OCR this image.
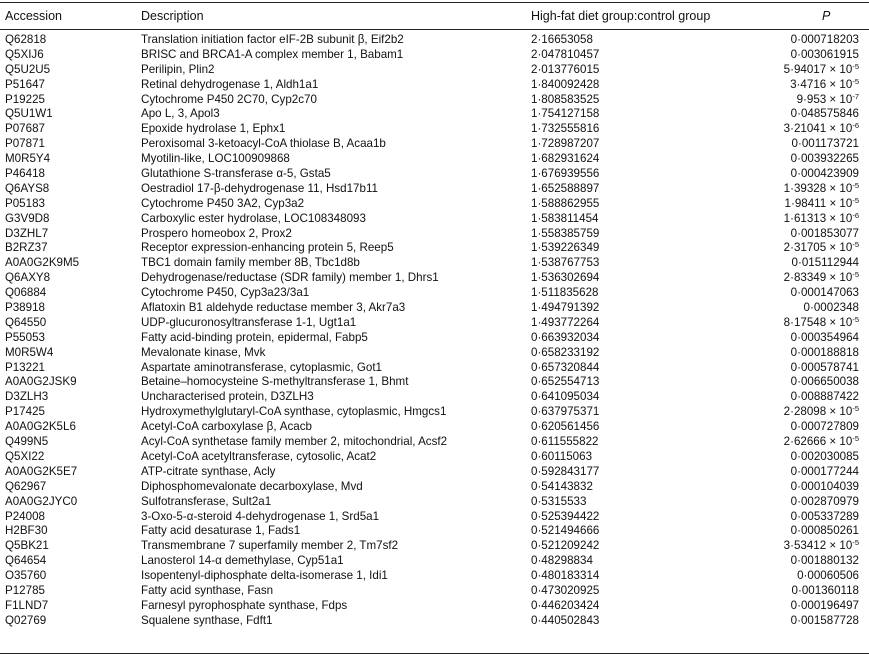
Accession	Description	High-fat diet group:control group	P
Q62818	Translation initiation factor eIF-2B subunit β, Eif2b2	2·16653058	0·000718203
Q5XIJ6	BRISC and BRCA1-A complex member 1, Babam1	2·047810457	0·003061915
Q5U2U5	Perilipin, Plin2	2·013776015	$5\cdot 94017 \times 10^{-5}$
P51647	Retinal dehydrogenase 1, Aldh1a1	1·840092428	$3\cdot 4716 \times 10^{-5}$
P19225	Cytochrome P450 2C70, Cyp2c70	1·808583525	$9\cdot 953 \times 10^{-7}$
Q5U1W1	Apo L, 3, Apol3	1·754127158	0·048575846
P07687	Epoxide hydrolase 1, Ephx1	1·732555816	$3\cdot 21041 \times 10^{-6}$
P07871	Peroxisomal 3-ketoacyl-CoA thiolase B, Acaa1b	1·728987207	0·001173721
M0R5Y4	Myotilin-like, LOC100909868	1·682931624	0·003932265
P46418	Glutathione S-transferase α-5, Gsta5	1·676939556	0·000423909
Q6AYS8	Oestradiol 17-β-dehydrogenase 11, Hsd17b11	1·652588897	$1\cdot 39328 \times 10^{-5}$
P05183	Cytochrome P450 3A2, Cyp3a2	1·588862955	$1\cdot 98411 \times 10^{-5}$
G3V9D8	Carboxylic ester hydrolase, LOC108348093	1·583811454	$1\cdot 61313 \times 10^{-6}$
D3ZHL7	Prospero homeobox 2, Prox2	1·558385759	0·001853077
B2RZ37	Receptor expression-enhancing protein 5, Reep5	1·539226349	$2\cdot 31705 \times 10^{-5}$
A0A0G2K9M5	TBC1 domain family member 8B, Tbc1d8b	1·538767753	0·015112944
Q6AXY8	Dehydrogenase/reductase (SDR family) member 1, Dhrs1	1·536302694	$2\cdot 83349 \times 10^{-5}$
Q06884	Cytochrome P450, Cyp3a23/3a1	1·511835628	0·000147063
P38918	Aflatoxin B1 aldehyde reductase member 3, Akr7a3	1·494791392	0·0002348
Q64550	UDP-glucuronosyltransferase 1-1, Ugt1a1	1·493772264	$8\cdot 17548 \times 10^{-5}$
P55053	Fatty acid-binding protein, epidermal, Fabp5	0·663932034	0·000354964
M0R5W4	Mevalonate kinase, Mvk	0·658233192	0·000188818
P13221	Aspartate aminotransferase, cytoplasmic, Got1	0·657320844	0·000578741
A0A0G2JSK9	Betaine–homocysteine S-methyltransferase 1, Bhmt	0·652554713	0·006650038
D3ZLH3	Uncharacterised protein, D3ZLH3	0·641095034	0·008887422
P17425	Hydroxymethylglutaryl-CoA synthase, cytoplasmic, Hmgcs1	0·637975371	$2\cdot 28098 \times 10^{-5}$
A0A0G2K5L6	Acetyl-CoA carboxylase β, Acacb	0·620561456	0·000727809
Q499N5	Acyl-CoA synthetase family member 2, mitochondrial, Acsf2	0·611555822	$2\cdot 62666 \times 10^{-5}$
Q5XI22	Acetyl-CoA acetyltransferase, cytosolic, Acat2	0·60115063	0·002030085
A0A0G2K5E7	ATP-citrate synthase, Acly	0·592843177	0·000177244
Q62967	Diphosphomevalonate decarboxylase, Mvd	0·54143832	0·000104039
A0A0G2JYC0	Sulfotransferase, Sult2a1	0·5315533	0·002870979
P24008	3-Oxo-5-α-steroid 4-dehydrogenase 1, Srd5a1	0·525394422	0·005337289
H2BF30	Fatty acid desaturase 1, Fads1	0·521494666	0·000850261
Q5BK21	Transmembrane 7 superfamily member 2, Tm7sf2	0·521209242	$3\cdot 53412 \times 10^{-5}$
Q64654	Lanosterol 14-α demethylase, Cyp51a1	0·48298834	0·001880132
O35760	Isopentenyl-diphosphate delta-isomerase 1, Idi1	0·480183314	0·00060506
P12785	Fatty acid synthase, Fasn	0·473020925	0·001360118
F1LND7	Farnesyl pyrophosphate synthase, Fdps	0·446203424	0·000196497
Q02769	Squalene synthase, Fdft1	0·440502843	0·001587728
